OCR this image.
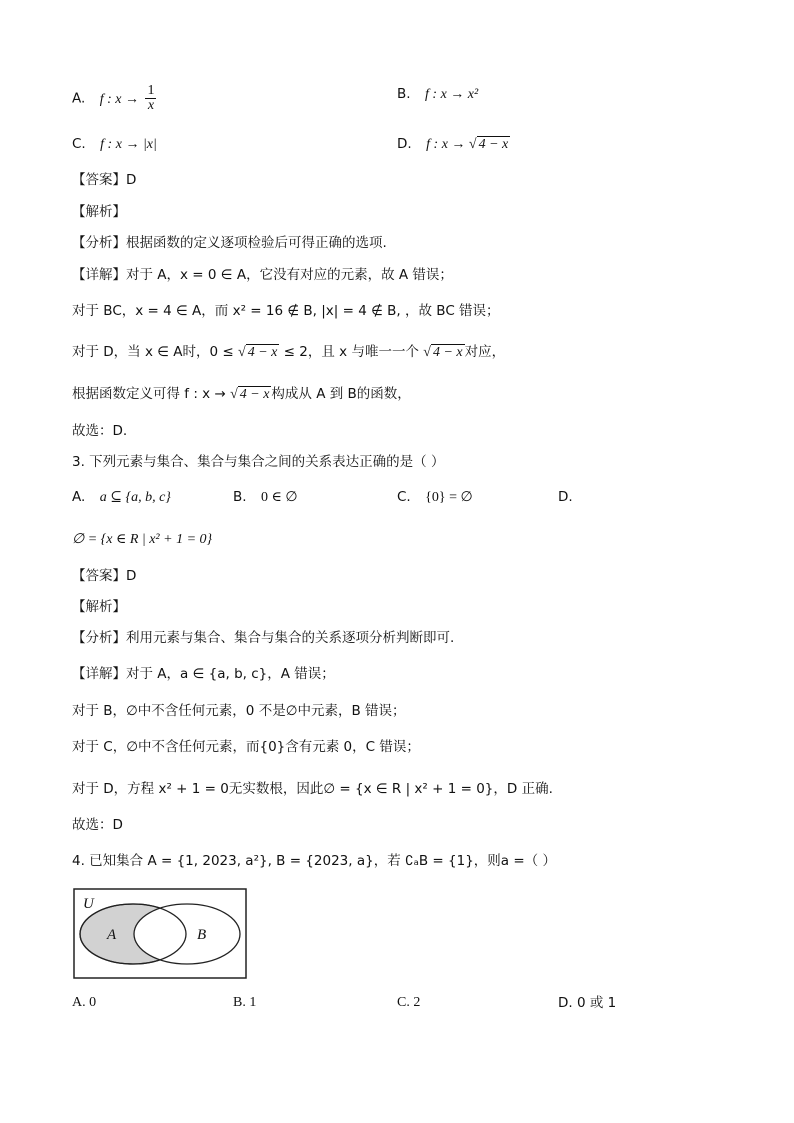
A. f : $x \to \frac{1}{x}$	B. f : x → x²
C. f : x → |x|	D. f : x → √ 4 − x
【答案】D
【解析】
【分析】根据函数的定义逐项检验后可得正确的选项.
【详解】对于 A，x = 0 ∈ A，它没有对应的元素，故 A 错误；
对于 BC，x = 4 ∈ A，而 x² = 16 ∉ B, |x| = 4 ∉ B, ，故 BC 错误；
对于 D，当 x ∈ A时，0 ≤ √ 4 − x ≤ 2，且 x 与唯一一个 √ 4 − x 对应，
根据函数定义可得 f : x → √ 4 − x 构成从 A 到 B的函数，
故选：D.
3. 下列元素与集合、集合与集合之间的关系表达正确的是（ ）
A. a ⊆ {a, b, c}	B. 0 ∈ ∅	C. {0} = ∅	D.
∅ = {x ∈ R | x² + 1 = 0}
【答案】D
【解析】
【分析】利用元素与集合、集合与集合的关系逐项分析判断即可.
【详解】对于 A，a ∈ {a, b, c}，A 错误；
对于 B，∅中不含任何元素，0 不是∅中元素，B 错误；
对于 C，∅中不含任何元素，而{0}含有元素 0，C 错误；
对于 D，方程 x² + 1 = 0无实数根，因此∅ = {x ∈ R | x² + 1 = 0}，D 正确.
故选：D
4. 已知集合 A = {1, 2023, a²}, B = {2023, a}，若 ∁ₐB = {1}，则a =（ ）
U
A	B
A. 0	B. 1	C. 2	D. 0 或 1
